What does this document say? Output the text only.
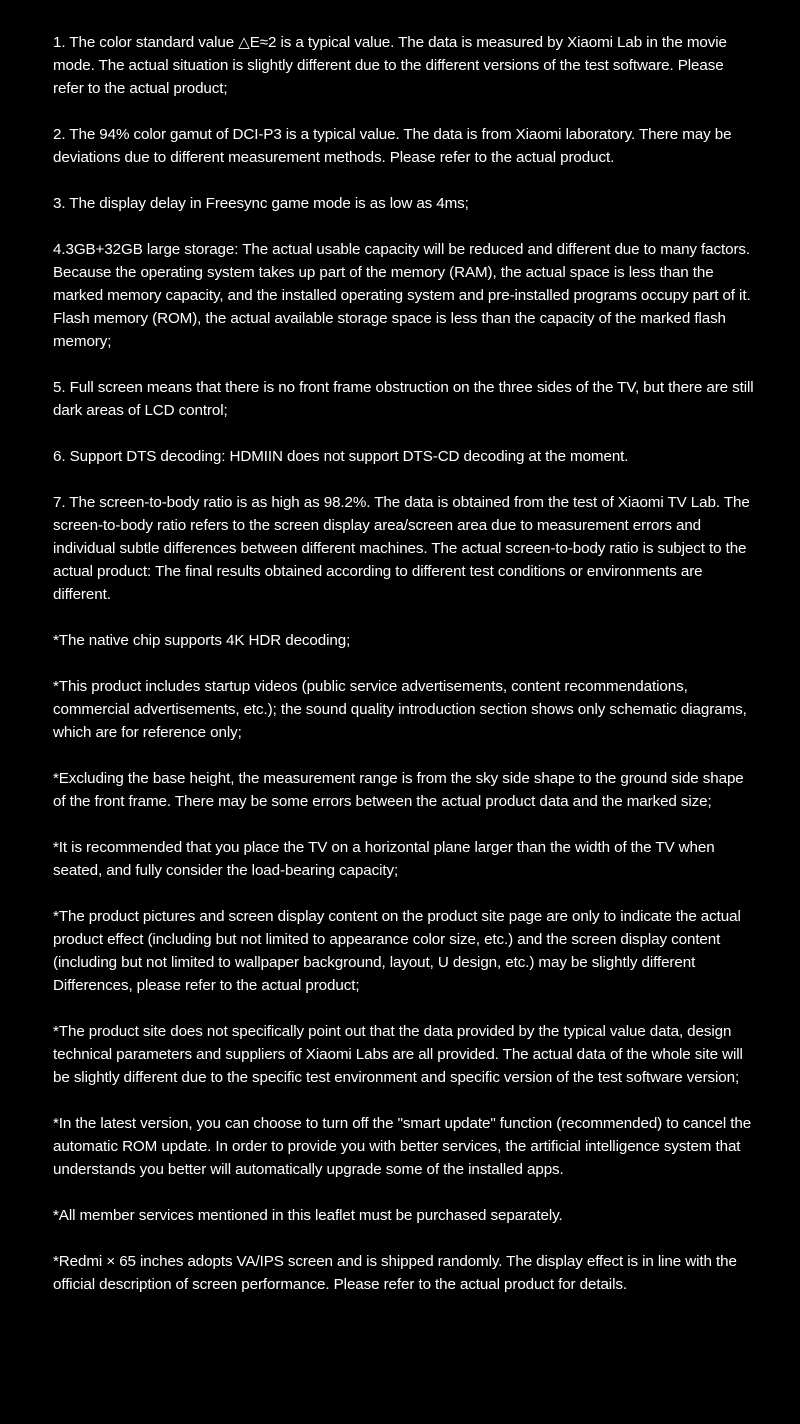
1. The color standard value △E≈2 is a typical value. The data is measured by Xiaomi Lab in the movie mode. The actual situation is slightly different due to the different versions of the test software. Please refer to the actual product;

2. The 94% color gamut of DCI-P3 is a typical value. The data is from Xiaomi laboratory. There may be deviations due to different measurement methods. Please refer to the actual product.

3. The display delay in Freesync game mode is as low as 4ms;

4.3GB+32GB large storage: The actual usable capacity will be reduced and different due to many factors. Because the operating system takes up part of the memory (RAM), the actual space is less than the marked memory capacity, and the installed operating system and pre-installed programs occupy part of it. Flash memory (ROM), the actual available storage space is less than the capacity of the marked flash memory;

5. Full screen means that there is no front frame obstruction on the three sides of the TV, but there are still dark areas of LCD control;

6. Support DTS decoding: HDMIIN does not support DTS-CD decoding at the moment.

7. The screen-to-body ratio is as high as 98.2%. The data is obtained from the test of Xiaomi TV Lab. The screen-to-body ratio refers to the screen display area/screen area due to measurement errors and individual subtle differences between different machines. The actual screen-to-body ratio is subject to the actual product: The final results obtained according to different test conditions or environments are different.

*The native chip supports 4K HDR decoding;

*This product includes startup videos (public service advertisements, content recommendations, commercial advertisements, etc.); the sound quality introduction section shows only schematic diagrams, which are for reference only;

*Excluding the base height, the measurement range is from the sky side shape to the ground side shape of the front frame. There may be some errors between the actual product data and the marked size;

*It is recommended that you place the TV on a horizontal plane larger than the width of the TV when seated, and fully consider the load-bearing capacity;

*The product pictures and screen display content on the product site page are only to indicate the actual product effect (including but not limited to appearance color size, etc.) and the screen display content (including but not limited to wallpaper background, layout, U design, etc.) may be slightly different Differences, please refer to the actual product;

*The product site does not specifically point out that the data provided by the typical value data, design technical parameters and suppliers of Xiaomi Labs are all provided. The actual data of the whole site will be slightly different due to the specific test environment and specific version of the test software version;

*In the latest version, you can choose to turn off the "smart update" function (recommended) to cancel the automatic ROM update. In order to provide you with better services, the artificial intelligence system that understands you better will automatically upgrade some of the installed apps.

*All member services mentioned in this leaflet must be purchased separately.

*Redmi × 65 inches adopts VA/IPS screen and is shipped randomly. The display effect is in line with the official description of screen performance. Please refer to the actual product for details.
